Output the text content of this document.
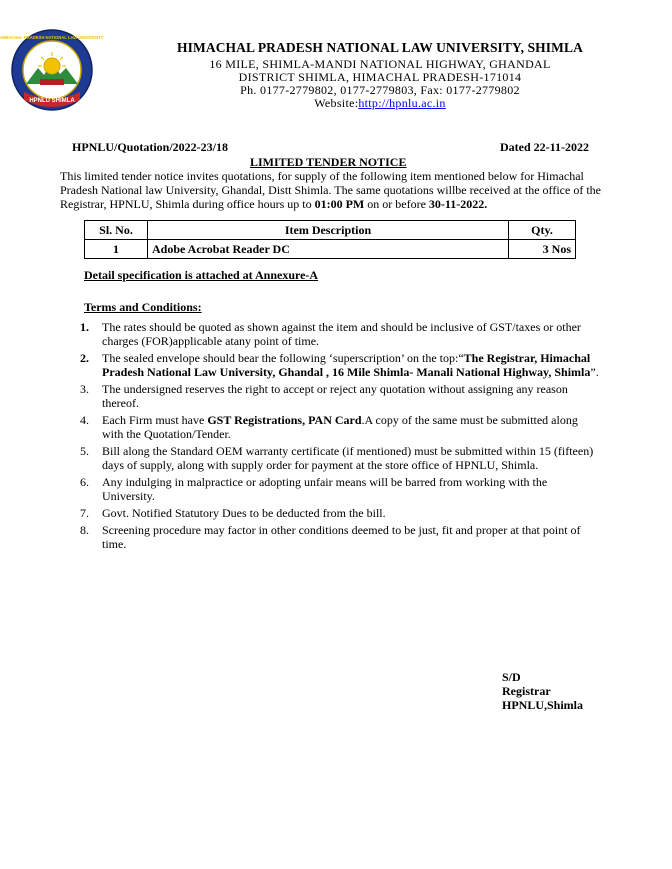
HPNLU SHIMLA
HIMACHAL PRADESH NATIONAL LAW UNIVERSITY
HIMACHAL PRADESH NATIONAL LAW UNIVERSITY, SHIMLA
16 MILE, SHIMLA-MANDI NATIONAL HIGHWAY, GHANDAL
DISTRICT SHIMLA, HIMACHAL PRADESH-171014
Ph. 0177-2779802, 0177-2779803, Fax: 0177-2779802
Website:http://hpnlu.ac.in
HPNLU/Quotation/2022-23/18	Dated 22-11-2022
LIMITED TENDER NOTICE
This limited tender notice invites quotations, for supply of the following item mentioned below for Himachal Pradesh National law University, Ghandal, Distt Shimla. The same quotations willbe received at the office of the Registrar, HPNLU, Shimla during office hours up to 01:00 PM on or before 30-11-2022.
Sl. No.	Item Description	Qty.
1	Adobe Acrobat Reader DC	3 Nos
Detail specification is attached at Annexure-A
Terms and Conditions:
1. The rates should be quoted as shown against the item and should be inclusive of GST/taxes or other charges (FOR)applicable atany point of time.
2. The sealed envelope should bear the following ‘superscription’ on the top:“The Registrar, Himachal Pradesh National Law University, Ghandal , 16 Mile Shimla- Manali National Highway, Shimla”.
3. The undersigned reserves the right to accept or reject any quotation without assigning any reason thereof.
4. Each Firm must have GST Registrations, PAN Card.A copy of the same must be submitted along with the Quotation/Tender.
5. Bill along the Standard OEM warranty certificate (if mentioned) must be submitted within 15 (fifteen) days of supply, along with supply order for payment at the store office of HPNLU, Shimla.
6. Any indulging in malpractice or adopting unfair means will be barred from working with the University.
7. Govt. Notified Statutory Dues to be deducted from the bill.
8. Screening procedure may factor in other conditions deemed to be just, fit and proper at that point of time.
S/D
Registrar
HPNLU,Shimla
